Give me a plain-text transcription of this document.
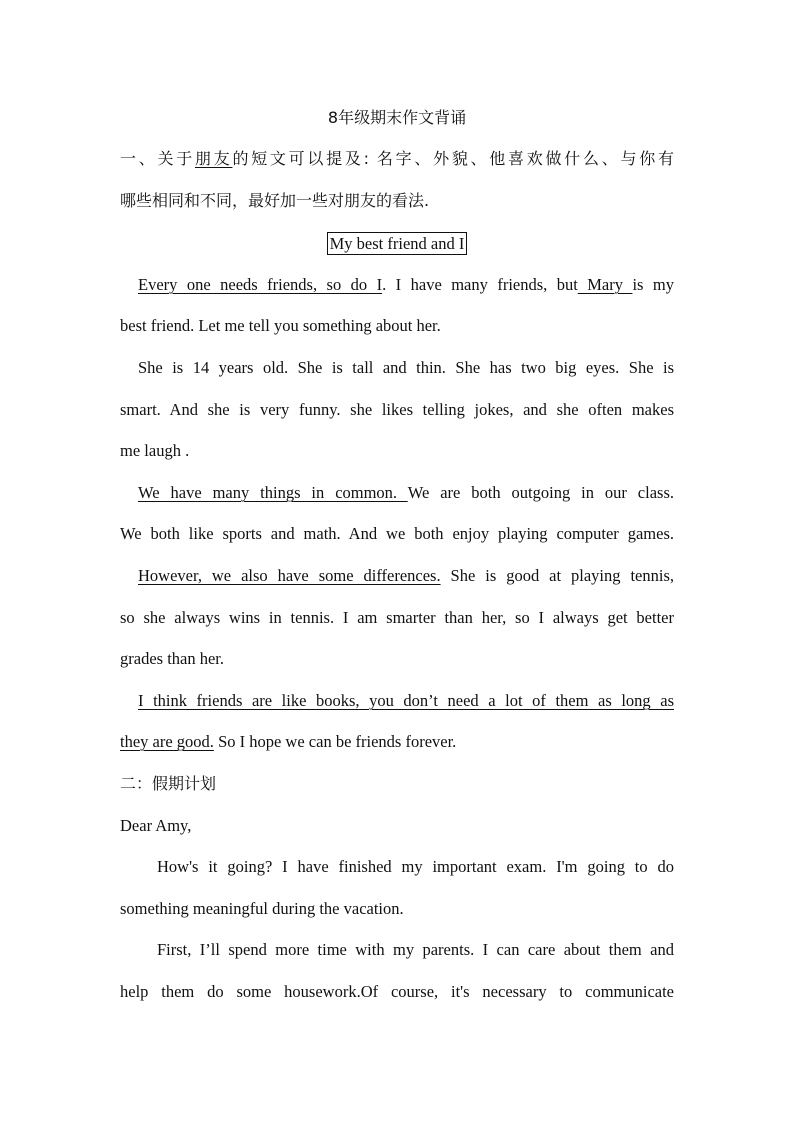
8年级期末作文背诵
一、关于朋友的短文可以提及: 名字、外貌、他喜欢做什么、与你有
哪些相同和不同，最好加一些对朋友的看法.
My best friend and I
Every one needs friends, so do I. I have many friends, but Mary is my
best friend. Let me tell you something about her.
She is 14 years old. She is tall and thin. She has two big eyes. She is
smart. And she is very funny. she likes telling jokes, and she often makes
me laugh .
We have many things in common. We are both outgoing in our class.
We both like sports and math. And we both enjoy playing computer games.
However, we also have some differences. She is good at playing tennis,
so she always wins in tennis. I am smarter than her, so I always get better
grades than her.
I think friends are like books, you don’t need a lot of them as long as
they are good. So I hope we can be friends forever.
二：假期计划
Dear Amy,
How's it going? I have finished my important exam. I'm going to do
something meaningful during the vacation.
First, I’ll spend more time with my parents. I can care about them and
help them do some housework.Of course, it's necessary to communicate
